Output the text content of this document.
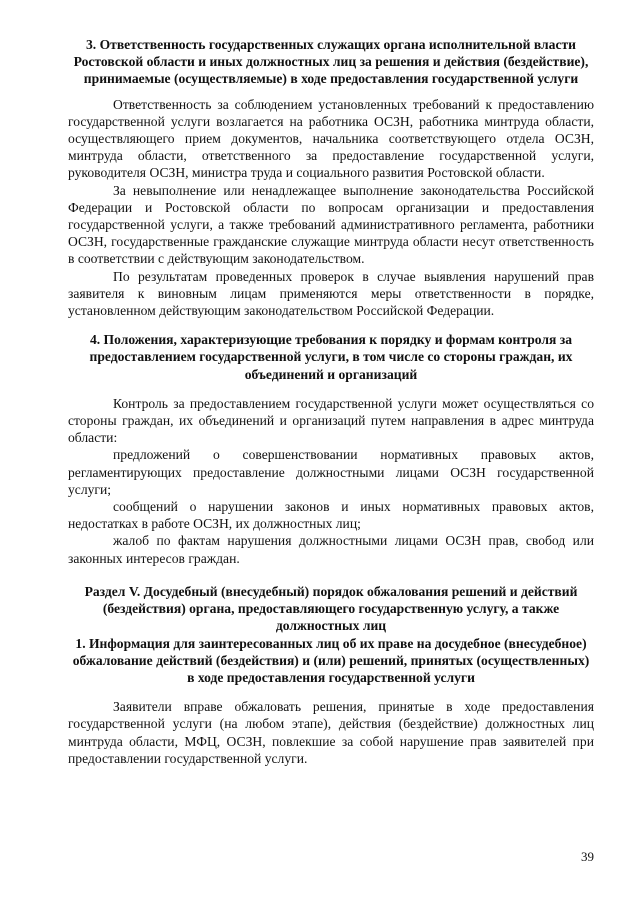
3. Ответственность государственных служащих органа исполнительной власти Ростовской области и иных должностных лиц за решения и действия (бездействие), принимаемые (осуществляемые) в ходе предоставления государственной услуги

Ответственность за соблюдением установленных требований к предоставлению государственной услуги возлагается на работника ОСЗН, работника минтруда области, осуществляющего прием документов, начальника соответствующего отдела ОСЗН, минтруда области, ответственного за предоставление государственной услуги, руководителя ОСЗН, министра труда и социального развития Ростовской области.

За невыполнение или ненадлежащее выполнение законодательства Российской Федерации и Ростовской области по вопросам организации и предоставления государственной услуги, а также требований административного регламента, работники ОСЗН, государственные гражданские служащие минтруда области несут ответственность в соответствии с действующим законодательством.

По результатам проведенных проверок в случае выявления нарушений прав заявителя к виновным лицам применяются меры ответственности в порядке, установленном действующим законодательством Российской Федерации.

4. Положения, характеризующие требования к порядку и формам контроля за предоставлением государственной услуги, в том числе со стороны граждан, их объединений и организаций

Контроль за предоставлением государственной услуги может осуществляться со стороны граждан, их объединений и организаций путем направления в адрес минтруда области:

предложений о совершенствовании нормативных правовых актов, регламентирующих предоставление должностными лицами ОСЗН государственной услуги;

сообщений о нарушении законов и иных нормативных правовых актов, недостатках в работе ОСЗН, их должностных лиц;

жалоб по фактам нарушения должностными лицами ОСЗН прав, свобод или законных интересов граждан.

Раздел V. Досудебный (внесудебный) порядок обжалования решений и действий (бездействия) органа, предоставляющего государственную услугу, а также должностных лиц

1. Информация для заинтересованных лиц об их праве на досудебное (внесудебное) обжалование действий (бездействия) и (или) решений, принятых (осуществленных) в ходе предоставления государственной услуги

Заявители вправе обжаловать решения, принятые в ходе предоставления государственной услуги (на любом этапе), действия (бездействие) должностных лиц минтруда области, МФЦ, ОСЗН, повлекшие за собой нарушение прав заявителей при предоставлении государственной услуги.

39
